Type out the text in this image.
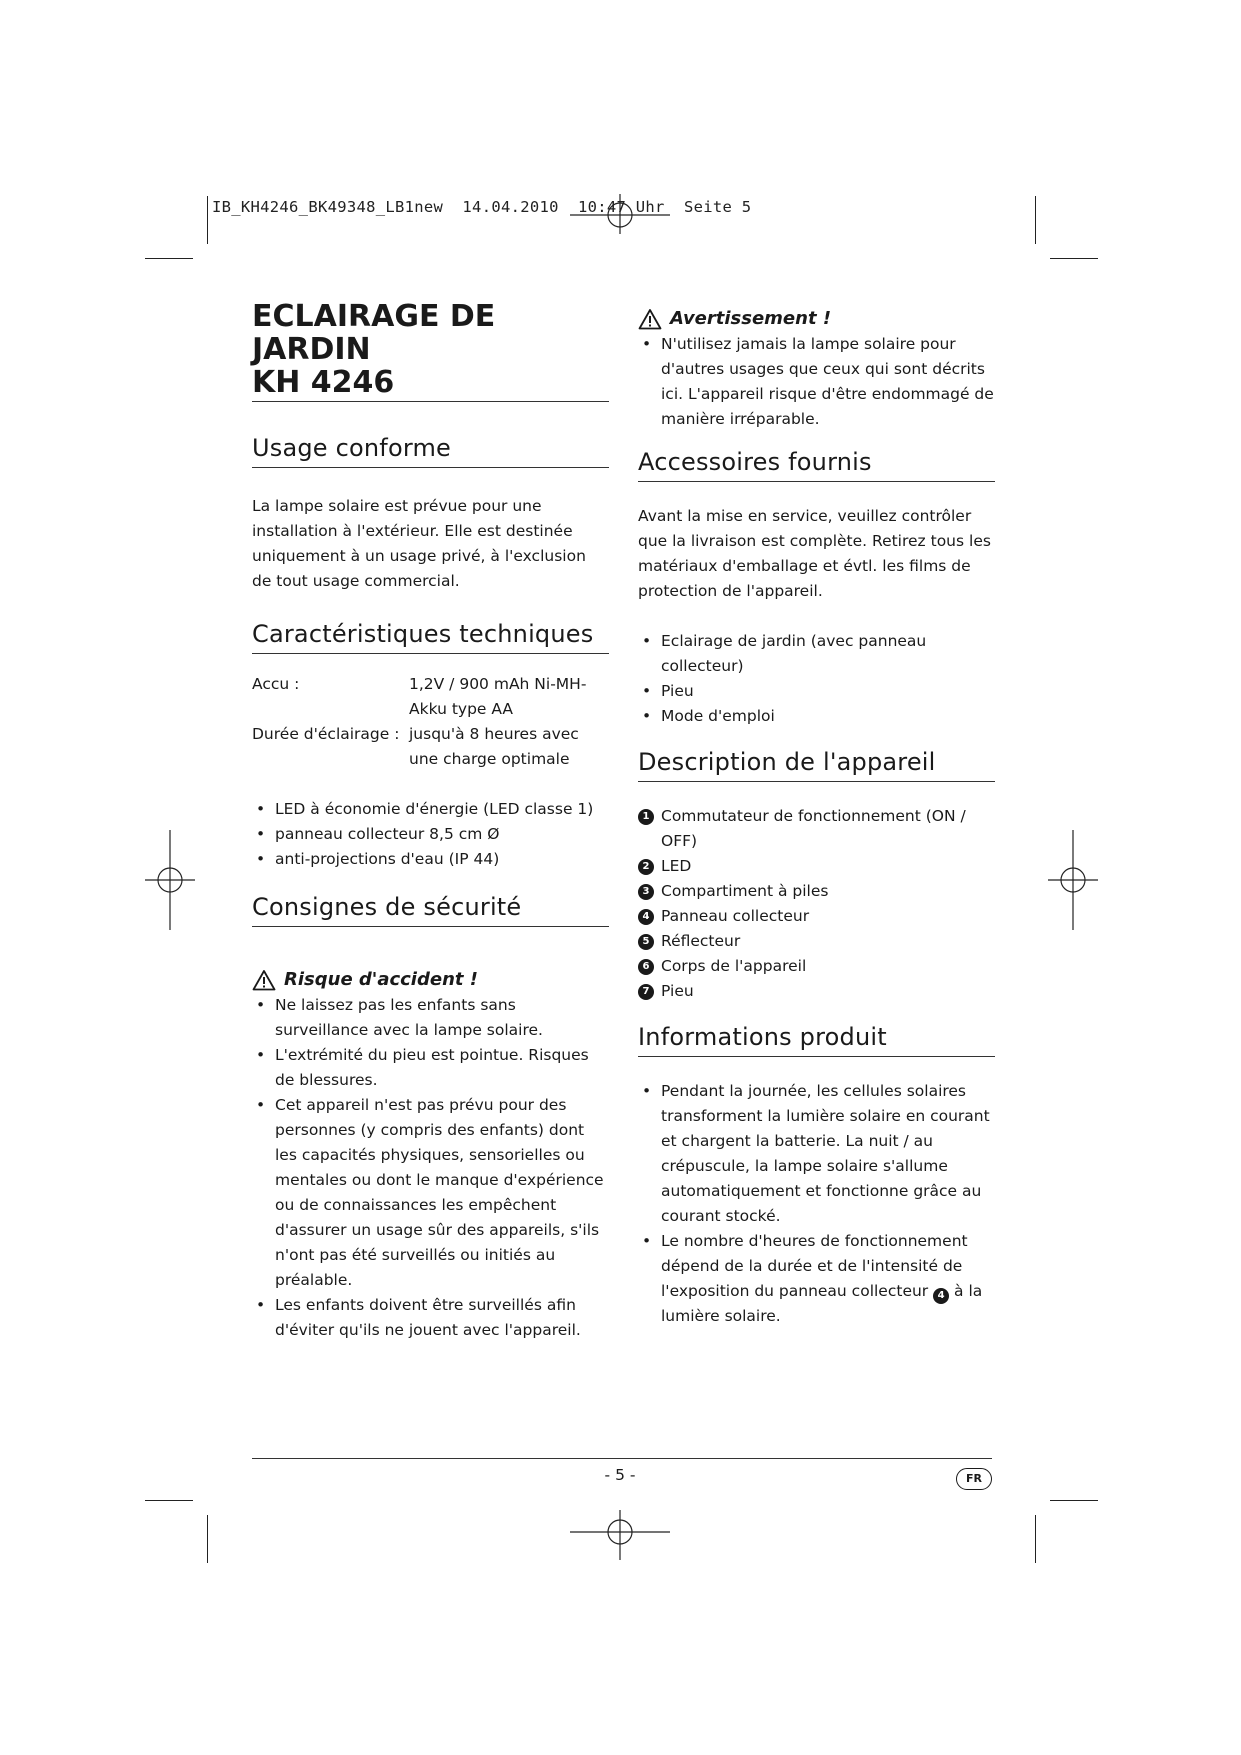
IB_KH4246_BK49348_LB1new  14.04.2010  10:47 Uhr  Seite 5
ECLAIRAGE DE JARDIN
KH 4246
Usage conforme

La lampe solaire est prévue pour une installation à l'extérieur. Elle est destinée uniquement à un usage privé, à l'exclusion de tout usage commercial.

Caractéristiques techniques
Accu :	1,2V / 900 mAh Ni-MH-Akku type AA
Durée d'éclairage :	jusqu'à 8 heures avec une charge optimale
• LED à économie d'énergie (LED classe 1)
• panneau collecteur 8,5 cm Ø
• anti-projections d'eau (IP 44)
Consignes de sécurité
Risque d'accident !
• Ne laissez pas les enfants sans surveillance avec la lampe solaire.
• L'extrémité du pieu est pointue. Risques de blessures.
• Cet appareil n'est pas prévu pour des personnes (y compris des enfants) dont les capacités physiques, sensorielles ou mentales ou dont le manque d'expérience ou de connaissances les empêchent d'assurer un usage sûr des appareils, s'ils n'ont pas été surveillés ou initiés au préalable.
• Les enfants doivent être surveillés afin d'éviter qu'ils ne jouent avec l'appareil.
Avertissement !
• N'utilisez jamais la lampe solaire pour d'autres usages que ceux qui sont décrits ici. L'appareil risque d'être endommagé de manière irréparable.
Accessoires fournis

Avant la mise en service, veuillez contrôler que la livraison est complète. Retirez tous les matériaux d'emballage et évtl. les films de protection de l'appareil.

• Eclairage de jardin (avec panneau collecteur)
• Pieu
• Mode d'emploi
Description de l'appareil
1 Commutateur de fonctionnement (ON / OFF)
2 LED
3 Compartiment à piles
4 Panneau collecteur
5 Réflecteur
6 Corps de l'appareil
7 Pieu
Informations produit
• Pendant la journée, les cellules solaires transforment la lumière solaire en courant et chargent la batterie. La nuit / au crépuscule, la lampe solaire s'allume automatiquement et fonctionne grâce au courant stocké.
• Le nombre d'heures de fonctionnement dépend de la durée et de l'intensité de l'exposition du panneau collecteur 4 à la lumière solaire.
- 5 -	FR
